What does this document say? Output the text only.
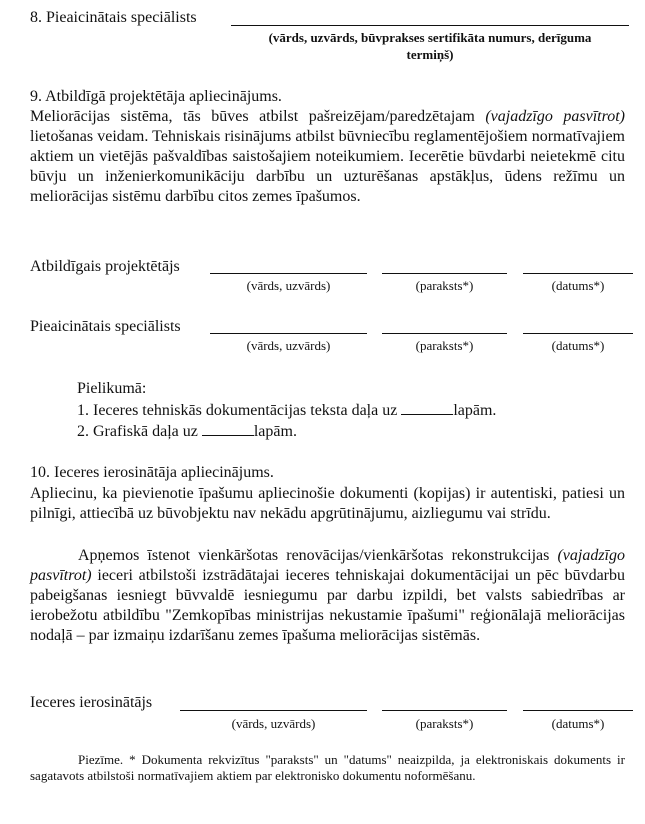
8. Pieaicinātais speciālists
(vārds, uzvārds, būvprakses sertifikāta numurs, derīguma
termiņš)
9. Atbildīgā projektētāja apliecinājums.
Meliorācijas sistēma, tās būves atbilst pašreizējam/paredzētajam (vajadzīgo pasvītrot) lietošanas veidam. Tehniskais risinājums atbilst būvniecību reglamentējošiem normatīvajiem aktiem un vietējās pašvaldības saistošajiem noteikumiem. Iecerētie būvdarbi neietekmē citu būvju un inženierkomunikāciju darbību un uzturēšanas apstākļus, ūdens režīmu un meliorācijas sistēmu darbību citos zemes īpašumos.
Atbildīgais projektētājs
(vārds, uzvārds)	(paraksts*)	(datums*)
Pieaicinātais speciālists
(vārds, uzvārds)	(paraksts*)	(datums*)
Pielikumā:
1. Ieceres tehniskās dokumentācijas teksta daļa uz	lapām.
2. Grafiskā daļa uz	lapām.
10. Ieceres ierosinātāja apliecinājums.
Apliecinu, ka pievienotie īpašumu apliecinošie dokumenti (kopijas) ir autentiski, patiesi un pilnīgi, attiecībā uz būvobjektu nav nekādu apgrūtinājumu, aizliegumu vai strīdu.
Apņemos īstenot vienkāršotas renovācijas/vienkāršotas rekonstrukcijas (vajadzīgo pasvītrot) ieceri atbilstoši izstrādātajai ieceres tehniskajai dokumentācijai un pēc būvdarbu pabeigšanas iesniegt būvvaldē iesniegumu par darbu izpildi, bet valsts sabiedrības ar ierobežotu atbildību "Zemkopības ministrijas nekustamie īpašumi" reģionālajā meliorācijas nodaļā – par izmaiņu izdarīšanu zemes īpašuma meliorācijas sistēmās.
Ieceres ierosinātājs
(vārds, uzvārds)	(paraksts*)	(datums*)
Piezīme. * Dokumenta rekvizītus "paraksts" un "datums" neaizpilda, ja elektroniskais dokuments ir sagatavots atbilstoši normatīvajiem aktiem par elektronisko dokumentu noformēšanu.
